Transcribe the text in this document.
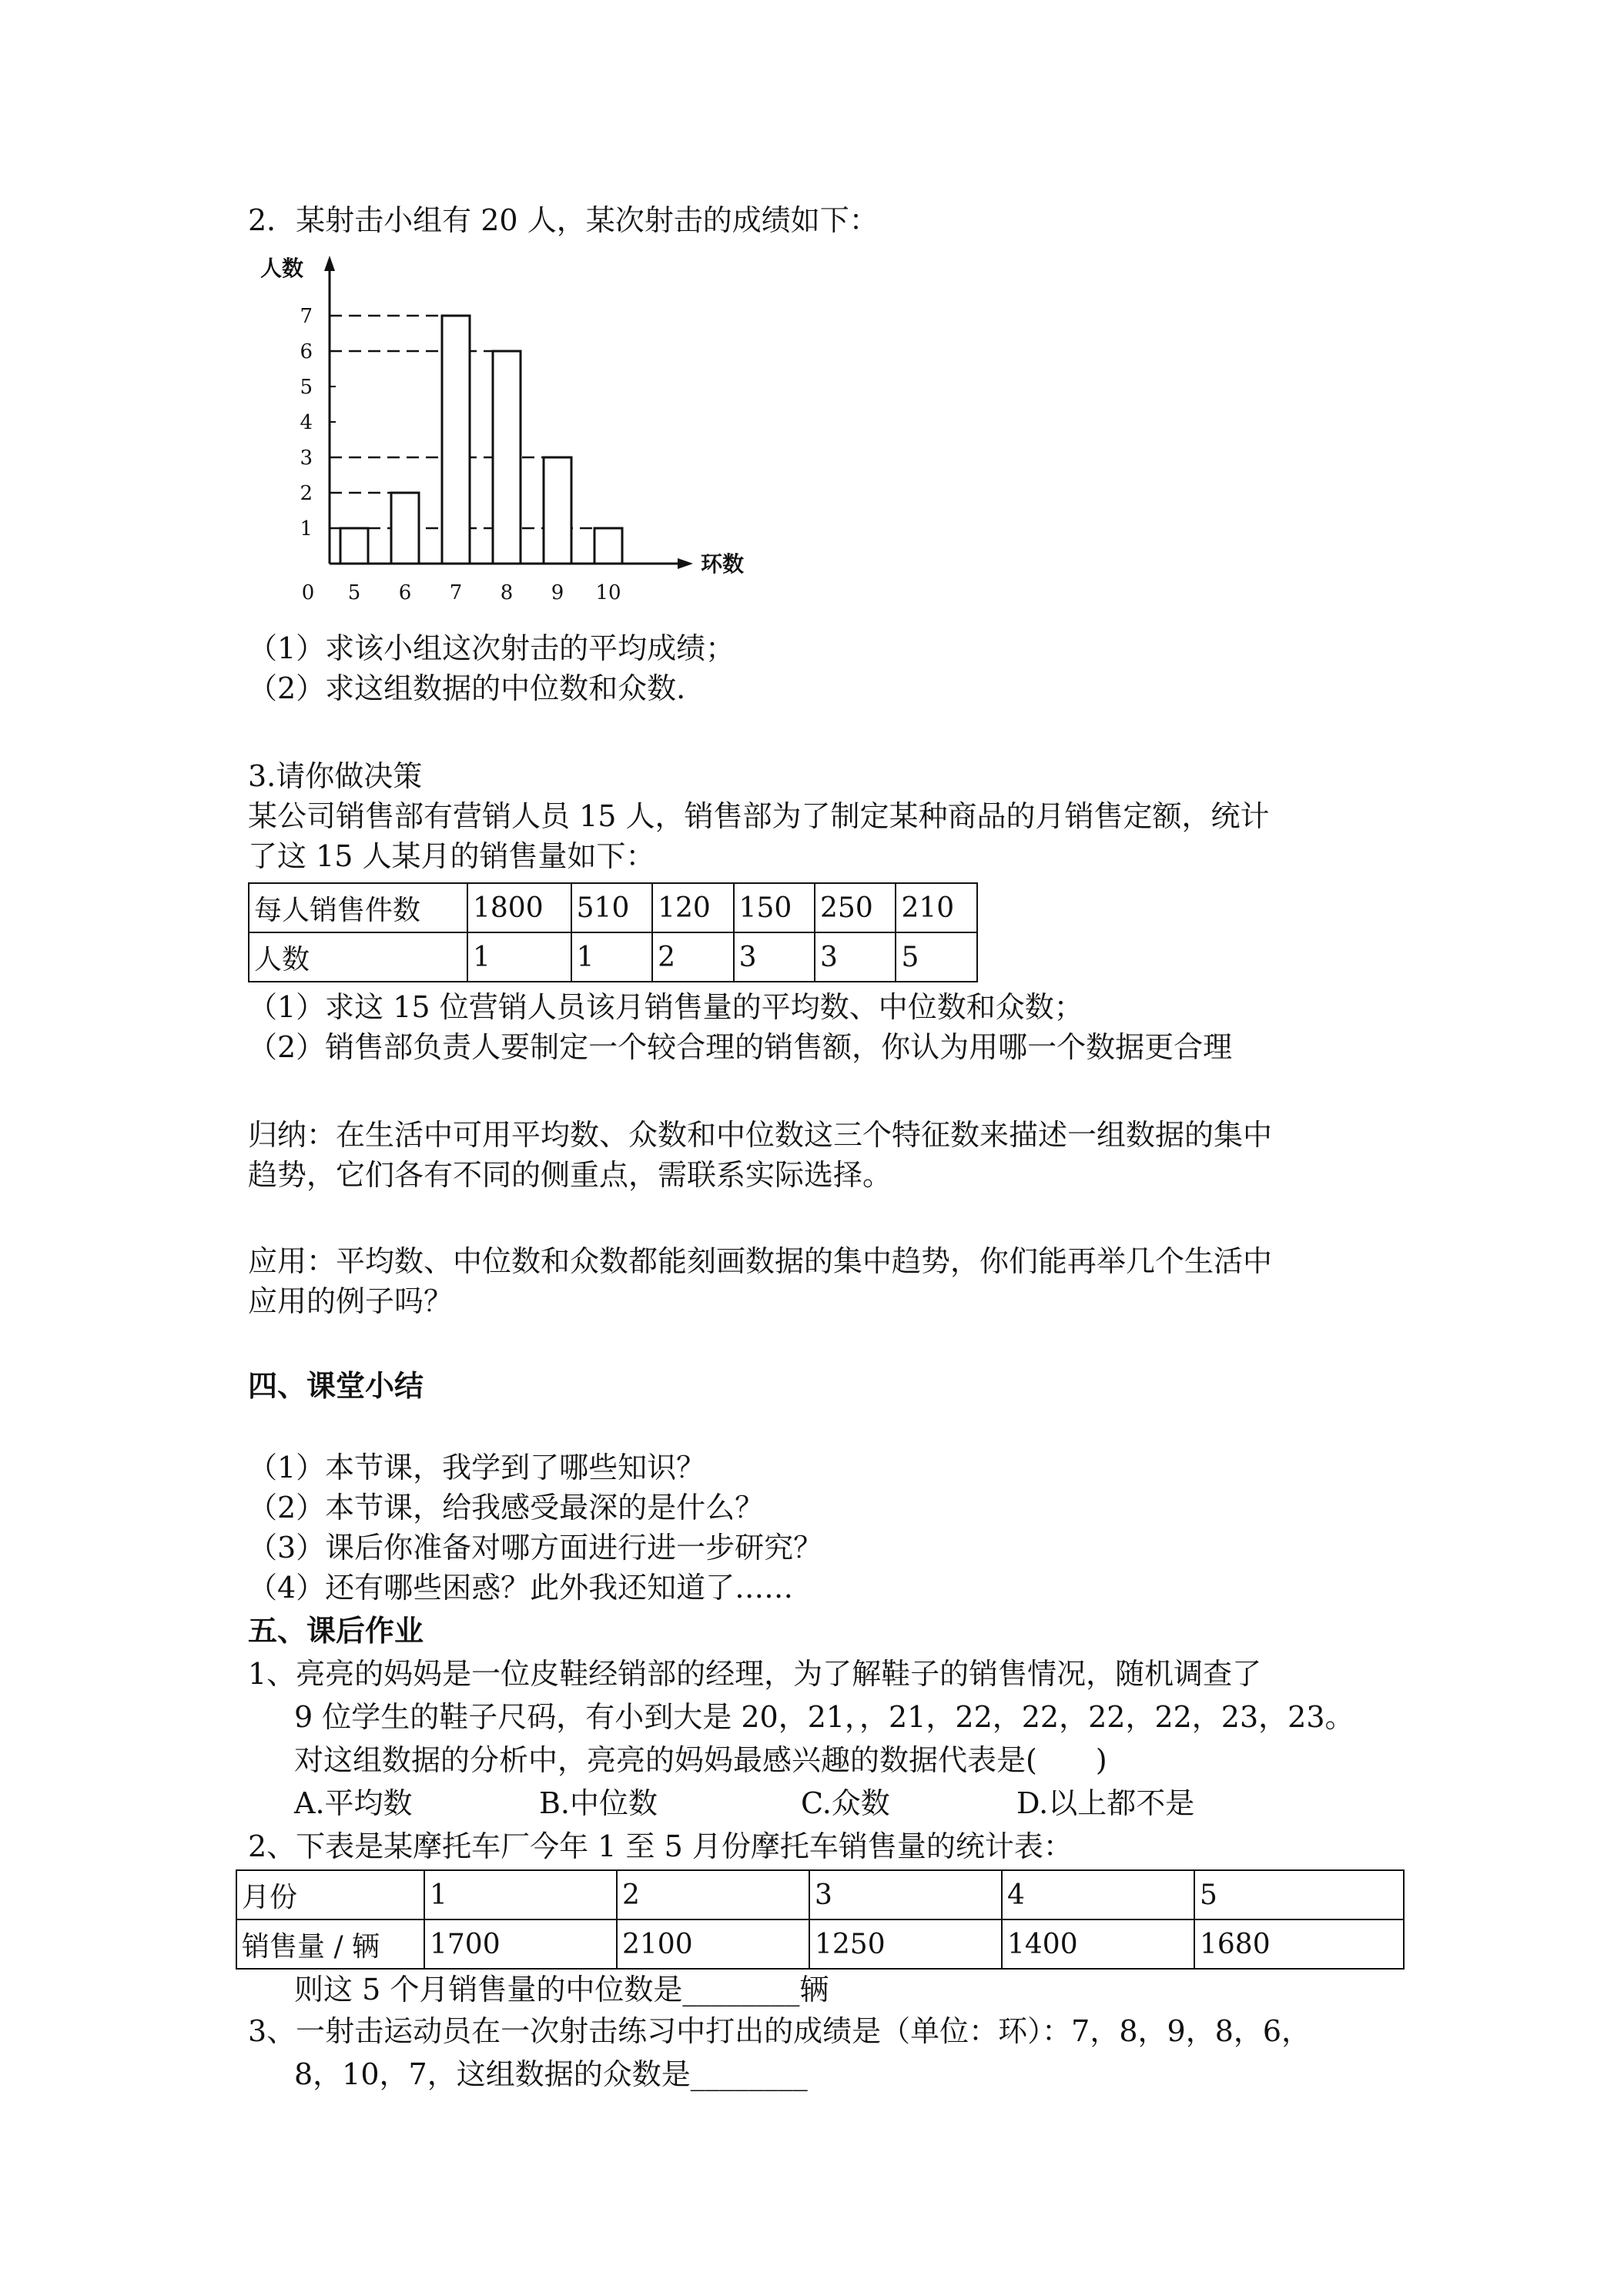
2．某射击小组有 20 人，某次射击的成绩如下：
人数
环数
0
1
2
3
4
5
6
7
5 6 7 8 9 10
（1）求该小组这次射击的平均成绩；
（2）求这组数据的中位数和众数.
3.请你做决策
某公司销售部有营销人员 15 人，销售部为了制定某种商品的月销售定额，统计
了这 15 人某月的销售量如下：
每人销售件数	1800	510	120	150	250	210
人数	1	1	2	3	3	5
（1）求这 15 位营销人员该月销售量的平均数、中位数和众数；
（2）销售部负责人要制定一个较合理的销售额，你认为用哪一个数据更合理
归纳：在生活中可用平均数、众数和中位数这三个特征数来描述一组数据的集中
趋势，它们各有不同的侧重点，需联系实际选择。
应用：平均数、中位数和众数都能刻画数据的集中趋势，你们能再举几个生活中
应用的例子吗？
四、课堂小结
（1）本节课，我学到了哪些知识？
（2）本节课，给我感受最深的是什么？
（3）课后你准备对哪方面进行进一步研究？
（4）还有哪些困惑？此外我还知道了……
五、课后作业
1、亮亮的妈妈是一位皮鞋经销部的经理，为了解鞋子的销售情况，随机调查了
9 位学生的鞋子尺码，有小到大是 20，21，，21，22，22，22，22，23，23。
对这组数据的分析中，亮亮的妈妈最感兴趣的数据代表是(　　)
A.平均数	B.中位数	C.众数	D.以上都不是
2、下表是某摩托车厂今年 1 至 5 月份摩托车销售量的统计表：
月份	1	2	3	4	5
销售量 / 辆	1700	2100	1250	1400	1680
则这 5 个月销售量的中位数是________辆
3、一射击运动员在一次射击练习中打出的成绩是（单位：环）：7，8，9，8，6，
8，10，7，这组数据的众数是________
